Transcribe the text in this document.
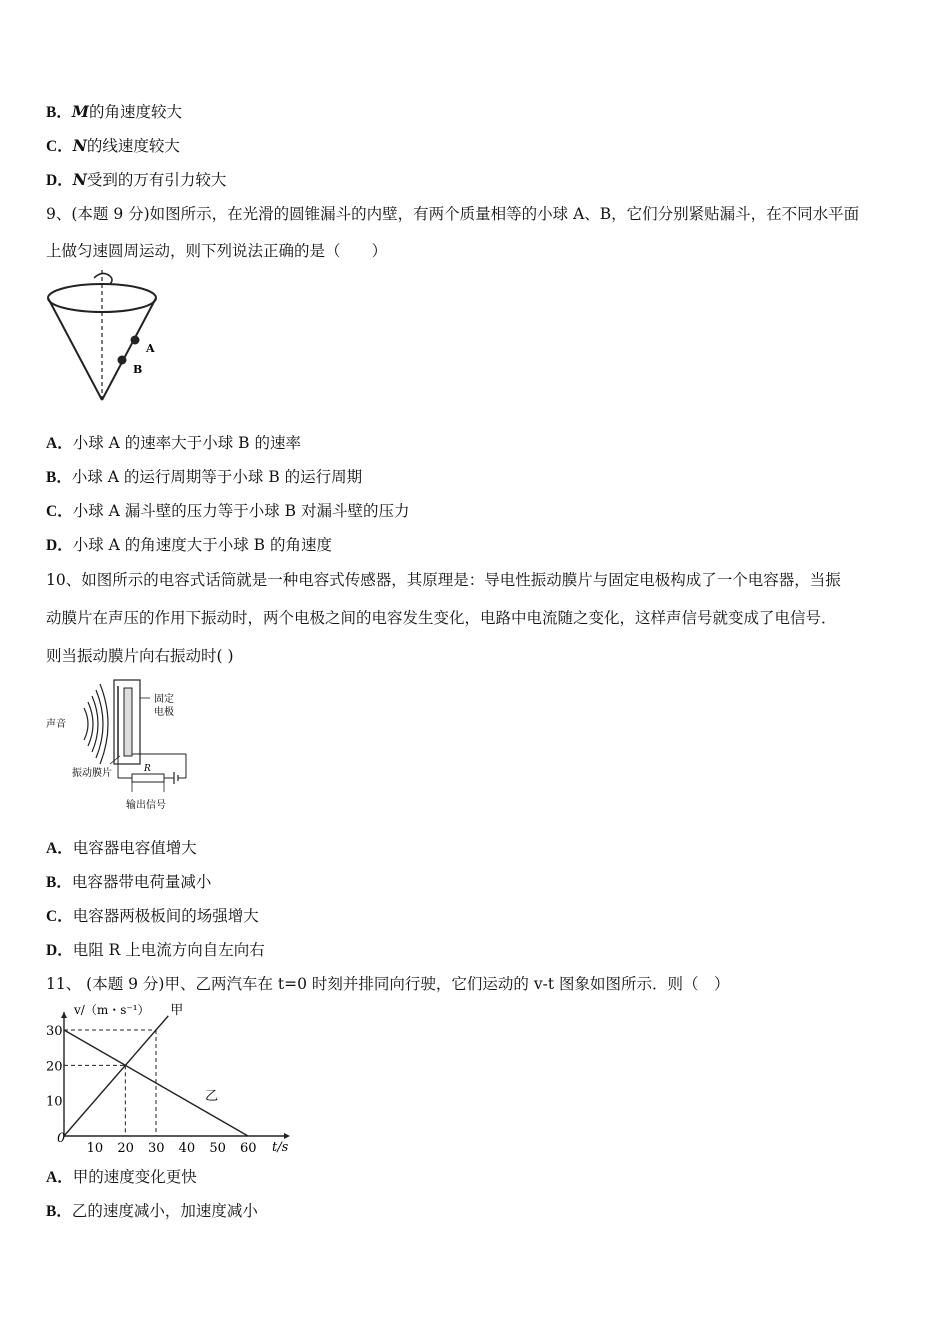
B．M的角速度较大
C．N的线速度较大
D．N受到的万有引力较大
9、(本题 9 分)如图所示，在光滑的圆锥漏斗的内壁，有两个质量相等的小球 A、B，它们分别紧贴漏斗，在不同水平面
上做匀速圆周运动，则下列说法正确的是（　　）
A
B
A．小球 A 的速率大于小球 B 的速率
B．小球 A 的运行周期等于小球 B 的运行周期
C．小球 A 漏斗壁的压力等于小球 B 对漏斗壁的压力
D．小球 A 的角速度大于小球 B 的角速度
10、如图所示的电容式话筒就是一种电容式传感器，其原理是：导电性振动膜片与固定电极构成了一个电容器，当振
动膜片在声压的作用下振动时，两个电极之间的电容发生变化，电路中电流随之变化，这样声信号就变成了电信号．
则当振动膜片向右振动时( )
声音
固定
电极
R
振动膜片
输出信号
A．电容器电容值增大
B．电容器带电荷量减小
C．电容器两极板间的场强增大
D．电阻 R 上电流方向自左向右
11、 (本题 9 分)甲、乙两汽车在 t=0 时刻并排同向行驶，它们运动的 v-t 图象如图所示．则（　）
v/（m・s⁻¹）
t/s
0
10 20 30 40 50 60
10
20
30
甲
乙
A．甲的速度变化更快
B．乙的速度减小，加速度减小
